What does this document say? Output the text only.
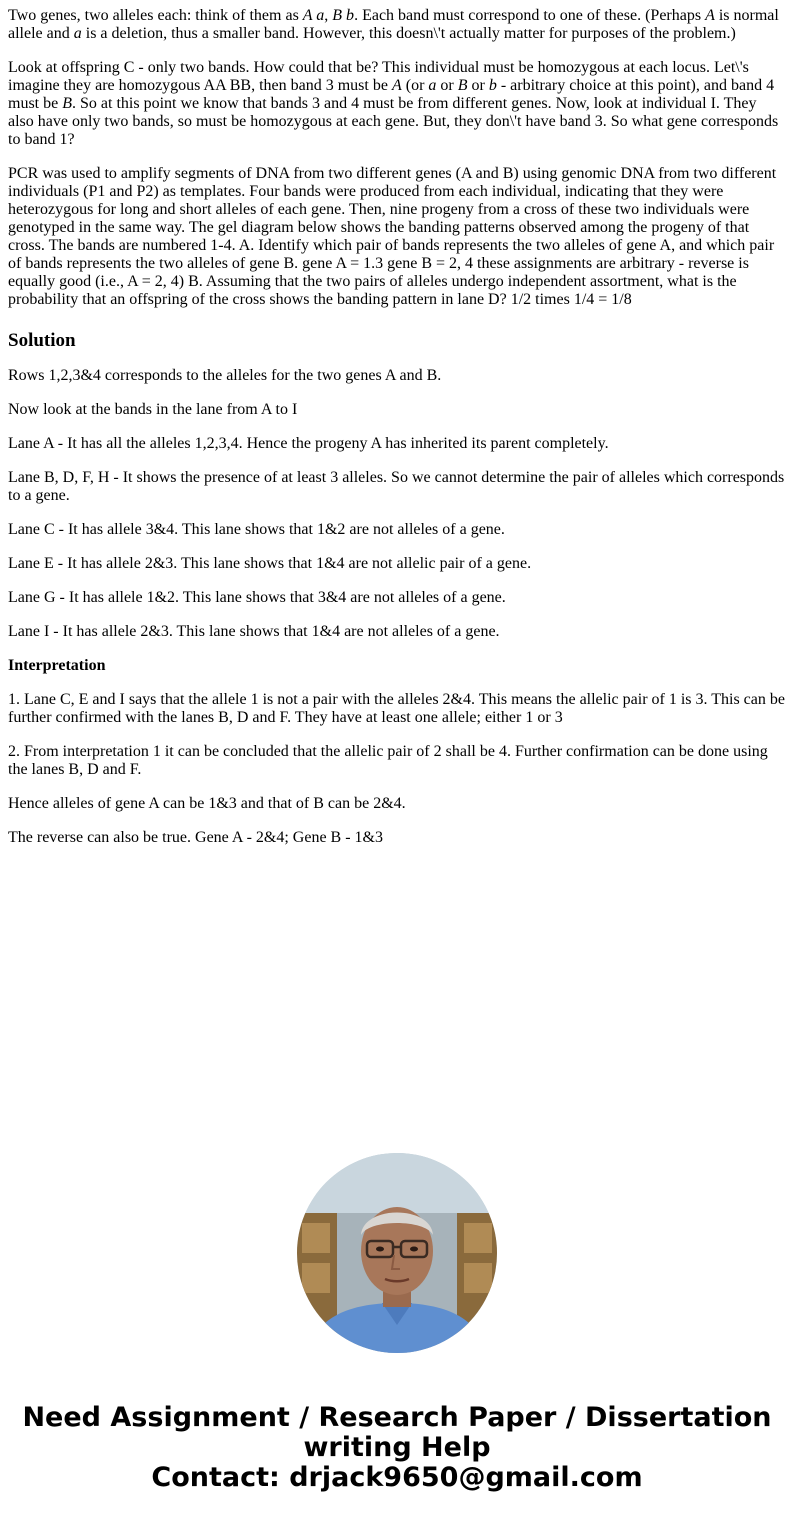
Two genes, two alleles each: think of them as A a, B b. Each band must correspond to one of these. (Perhaps A is normal allele and a is a deletion, thus a smaller band. However, this doesn\'t actually matter for purposes of the problem.)

Look at offspring C - only two bands. How could that be? This individual must be homozygous at each locus. Let\'s imagine they are homozygous AA BB, then band 3 must be A (or a or B or b - arbitrary choice at this point), and band 4 must be B. So at this point we know that bands 3 and 4 must be from different genes. Now, look at individual I. They also have only two bands, so must be homozygous at each gene. But, they don\'t have band 3. So what gene corresponds to band 1?

PCR was used to amplify segments of DNA from two different genes (A and B) using genomic DNA from two different individuals (P1 and P2) as templates. Four bands were produced from each individual, indicating that they were heterozygous for long and short alleles of each gene. Then, nine progeny from a cross of these two individuals were genotyped in the same way. The gel diagram below shows the banding patterns observed among the progeny of that cross. The bands are numbered 1-4. A. Identify which pair of bands represents the two alleles of gene A, and which pair of bands represents the two alleles of gene B. gene A = 1.3 gene B = 2, 4 these assignments are arbitrary - reverse is equally good (i.e., A = 2, 4) B. Assuming that the two pairs of alleles undergo independent assortment, what is the probability that an offspring of the cross shows the banding pattern in lane D? 1/2 times 1/4 = 1/8

Solution

Rows 1,2,3&4 corresponds to the alleles for the two genes A and B.

Now look at the bands in the lane from A to I

Lane A - It has all the alleles 1,2,3,4. Hence the progeny A has inherited its parent completely.

Lane B, D, F, H - It shows the presence of at least 3 alleles. So we cannot determine the pair of alleles which corresponds to a gene.

Lane C - It has allele 3&4. This lane shows that 1&2 are not alleles of a gene.

Lane E - It has allele 2&3. This lane shows that 1&4 are not allelic pair of a gene.

Lane G - It has allele 1&2. This lane shows that 3&4 are not alleles of a gene.

Lane I - It has allele 2&3. This lane shows that 1&4 are not alleles of a gene.

Interpretation

1. Lane C, E and I says that the allele 1 is not a pair with the alleles 2&4. This means the allelic pair of 1 is 3. This can be further confirmed with the lanes B, D and F. They have at least one allele; either 1 or 3

2. From interpretation 1 it can be concluded that the allelic pair of 2 shall be 4. Further confirmation can be done using the lanes B, D and F.

Hence alleles of gene A can be 1&3 and that of B can be 2&4.

The reverse can also be true. Gene A - 2&4; Gene B - 1&3

Need Assignment / Research Paper / Dissertation
writing Help
Contact: drjack9650@gmail.com
